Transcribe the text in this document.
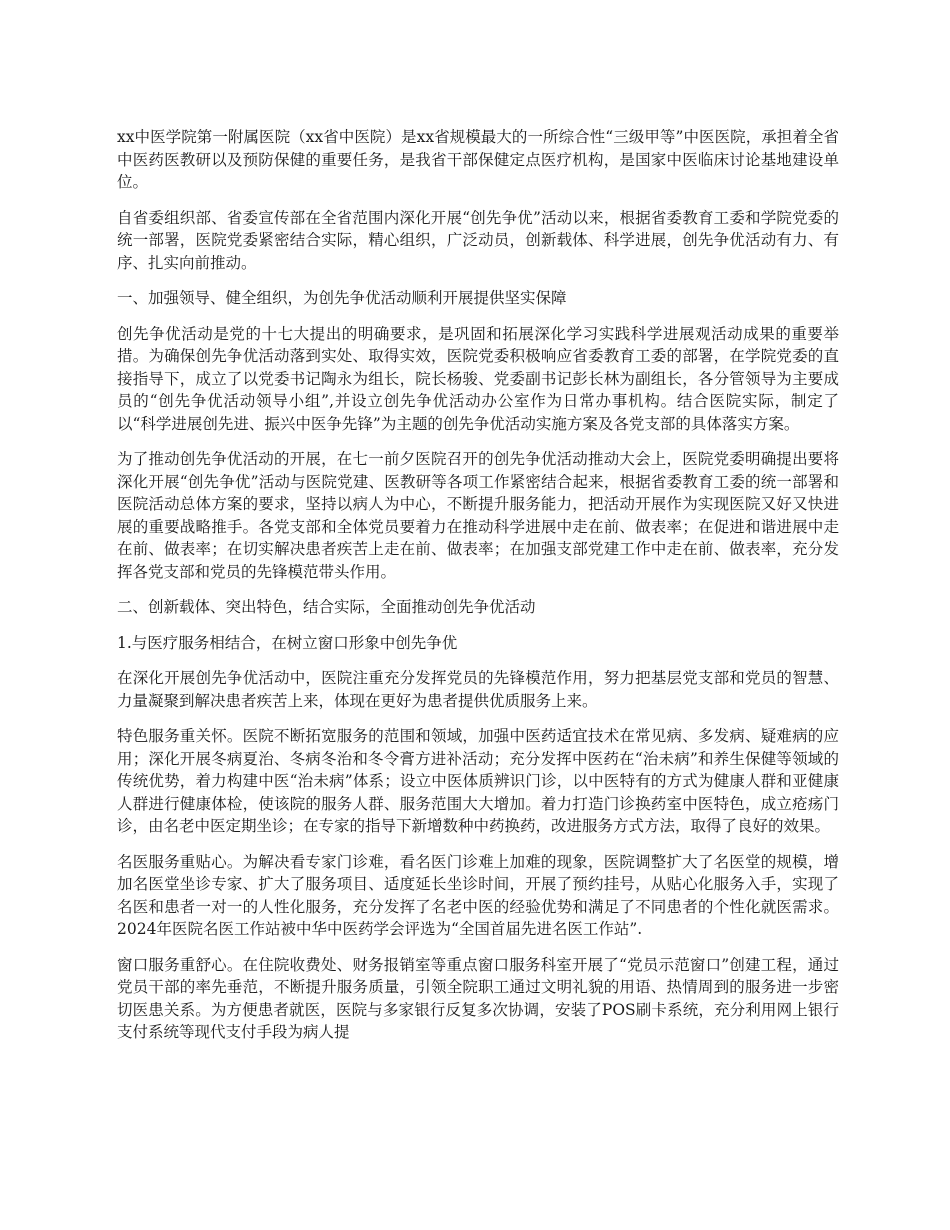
xx中医学院第一附属医院（xx省中医院）是xx省规模最大的一所综合性“三级甲等”中医医院，承担着全省中医药医教研以及预防保健的重要任务，是我省干部保健定点医疗机构，是国家中医临床讨论基地建设单位。

自省委组织部、省委宣传部在全省范围内深化开展“创先争优”活动以来，根据省委教育工委和学院党委的统一部署，医院党委紧密结合实际，精心组织，广泛动员，创新载体、科学进展，创先争优活动有力、有序、扎实向前推动。

一、加强领导、健全组织，为创先争优活动顺利开展提供坚实保障

创先争优活动是党的十七大提出的明确要求，是巩固和拓展深化学习实践科学进展观活动成果的重要举措。为确保创先争优活动落到实处、取得实效，医院党委积极响应省委教育工委的部署，在学院党委的直接指导下，成立了以党委书记陶永为组长，院长杨骏、党委副书记彭长林为副组长，各分管领导为主要成员的“创先争优活动领导小组”,并设立创先争优活动办公室作为日常办事机构。结合医院实际，制定了以“科学进展创先进、振兴中医争先锋”为主题的创先争优活动实施方案及各党支部的具体落实方案。

为了推动创先争优活动的开展，在七一前夕医院召开的创先争优活动推动大会上，医院党委明确提出要将深化开展“创先争优”活动与医院党建、医教研等各项工作紧密结合起来，根据省委教育工委的统一部署和医院活动总体方案的要求，坚持以病人为中心，不断提升服务能力，把活动开展作为实现医院又好又快进展的重要战略推手。各党支部和全体党员要着力在推动科学进展中走在前、做表率；在促进和谐进展中走在前、做表率；在切实解决患者疾苦上走在前、做表率；在加强支部党建工作中走在前、做表率，充分发挥各党支部和党员的先锋模范带头作用。

二、创新载体、突出特色，结合实际，全面推动创先争优活动

1.与医疗服务相结合，在树立窗口形象中创先争优

在深化开展创先争优活动中，医院注重充分发挥党员的先锋模范作用，努力把基层党支部和党员的智慧、力量凝聚到解决患者疾苦上来，体现在更好为患者提供优质服务上来。

特色服务重关怀。医院不断拓宽服务的范围和领域，加强中医药适宜技术在常见病、多发病、疑难病的应用；深化开展冬病夏治、冬病冬治和冬令膏方进补活动；充分发挥中医药在“治未病”和养生保健等领域的传统优势，着力构建中医“治未病”体系；设立中医体质辨识门诊，以中医特有的方式为健康人群和亚健康人群进行健康体检，使该院的服务人群、服务范围大大增加。着力打造门诊换药室中医特色，成立疮疡门诊，由名老中医定期坐诊；在专家的指导下新增数种中药换药，改进服务方式方法，取得了良好的效果。

名医服务重贴心。为解决看专家门诊难，看名医门诊难上加难的现象，医院调整扩大了名医堂的规模，增加名医堂坐诊专家、扩大了服务项目、适度延长坐诊时间，开展了预约挂号，从贴心化服务入手，实现了名医和患者一对一的人性化服务，充分发挥了名老中医的经验优势和满足了不同患者的个性化就医需求。2024年医院名医工作站被中华中医药学会评选为“全国首届先进名医工作站”.

窗口服务重舒心。在住院收费处、财务报销室等重点窗口服务科室开展了“党员示范窗口”创建工程，通过党员干部的率先垂范，不断提升服务质量，引领全院职工通过文明礼貌的用语、热情周到的服务进一步密切医患关系。为方便患者就医，医院与多家银行反复多次协调，安装了POS刷卡系统，充分利用网上银行支付系统等现代支付手段为病人提
